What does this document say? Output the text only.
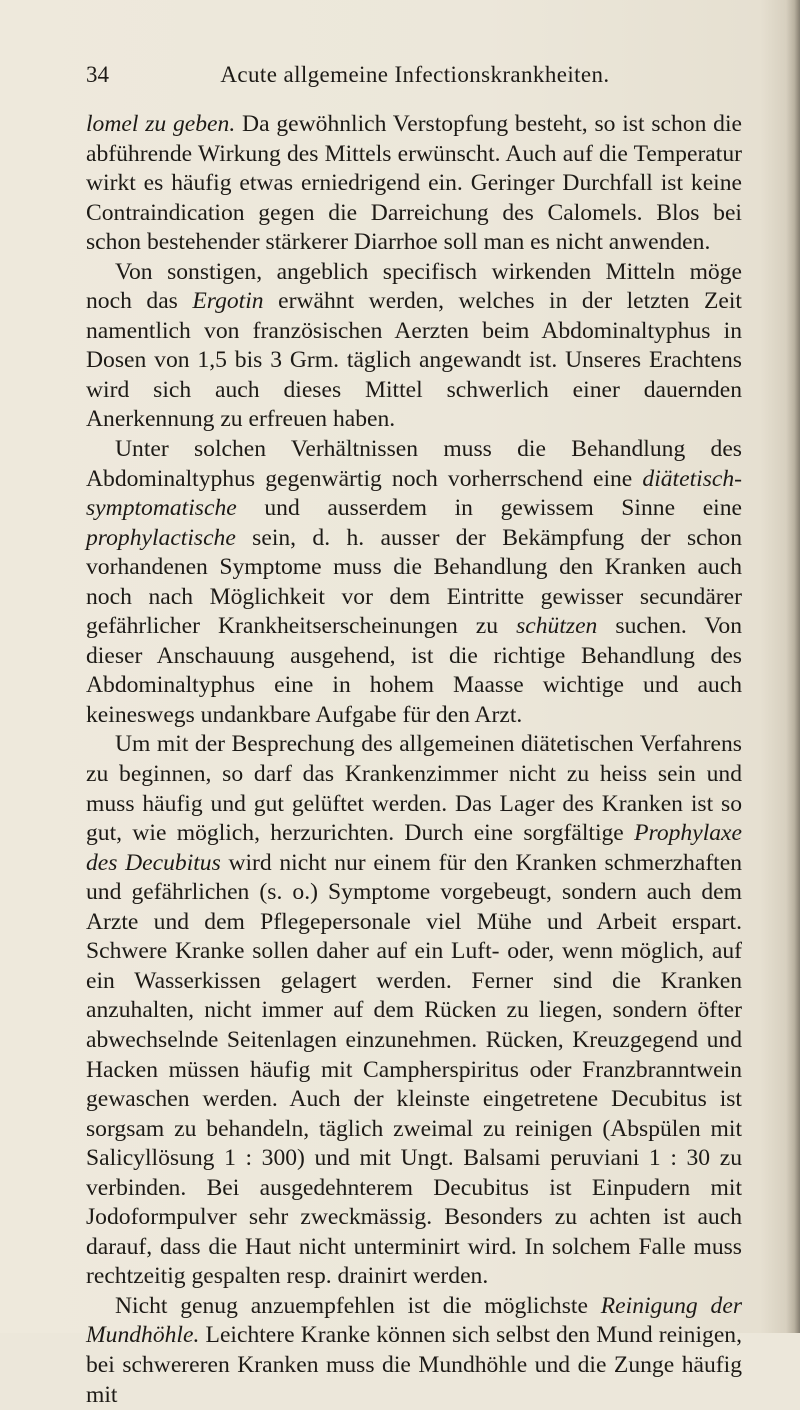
34	Acute allgemeine Infectionskrankheiten.

lomel zu geben. Da gewöhnlich Verstopfung besteht, so ist schon die abführende Wirkung des Mittels erwünscht. Auch auf die Temperatur wirkt es häufig etwas erniedrigend ein. Geringer Durchfall ist keine Contraindication gegen die Darreichung des Calomels. Blos bei schon bestehender stärkerer Diarrhoe soll man es nicht anwenden.

Von sonstigen, angeblich specifisch wirkenden Mitteln möge noch das Ergotin erwähnt werden, welches in der letzten Zeit namentlich von französischen Aerzten beim Abdominaltyphus in Dosen von 1,5 bis 3 Grm. täglich angewandt ist. Unseres Erachtens wird sich auch dieses Mittel schwerlich einer dauernden Anerkennung zu erfreuen haben.

Unter solchen Verhältnissen muss die Behandlung des Abdominaltyphus gegenwärtig noch vorherrschend eine diätetisch-symptomatische und ausserdem in gewissem Sinne eine prophylactische sein, d. h. ausser der Bekämpfung der schon vorhandenen Symptome muss die Behandlung den Kranken auch noch nach Möglichkeit vor dem Eintritte gewisser secundärer gefährlicher Krankheitserscheinungen zu schützen suchen. Von dieser Anschauung ausgehend, ist die richtige Behandlung des Abdominaltyphus eine in hohem Maasse wichtige und auch keineswegs undankbare Aufgabe für den Arzt.

Um mit der Besprechung des allgemeinen diätetischen Verfahrens zu beginnen, so darf das Krankenzimmer nicht zu heiss sein und muss häufig und gut gelüftet werden. Das Lager des Kranken ist so gut, wie möglich, herzurichten. Durch eine sorgfältige Prophylaxe des Decubitus wird nicht nur einem für den Kranken schmerzhaften und gefährlichen (s. o.) Symptome vorgebeugt, sondern auch dem Arzte und dem Pflegepersonale viel Mühe und Arbeit erspart. Schwere Kranke sollen daher auf ein Luft- oder, wenn möglich, auf ein Wasserkissen gelagert werden. Ferner sind die Kranken anzuhalten, nicht immer auf dem Rücken zu liegen, sondern öfter abwechselnde Seitenlagen einzunehmen. Rücken, Kreuzgegend und Hacken müssen häufig mit Campherspiritus oder Franzbranntwein gewaschen werden. Auch der kleinste eingetretene Decubitus ist sorgsam zu behandeln, täglich zweimal zu reinigen (Abspülen mit Salicyllösung 1 : 300) und mit Ungt. Balsami peruviani 1 : 30 zu verbinden. Bei ausgedehnterem Decubitus ist Einpudern mit Jodoformpulver sehr zweckmässig. Besonders zu achten ist auch darauf, dass die Haut nicht unterminirt wird. In solchem Falle muss rechtzeitig gespalten resp. drainirt werden.

Nicht genug anzuempfehlen ist die möglichste Reinigung der Mundhöhle. Leichtere Kranke können sich selbst den Mund reinigen, bei schwereren Kranken muss die Mundhöhle und die Zunge häufig mit
